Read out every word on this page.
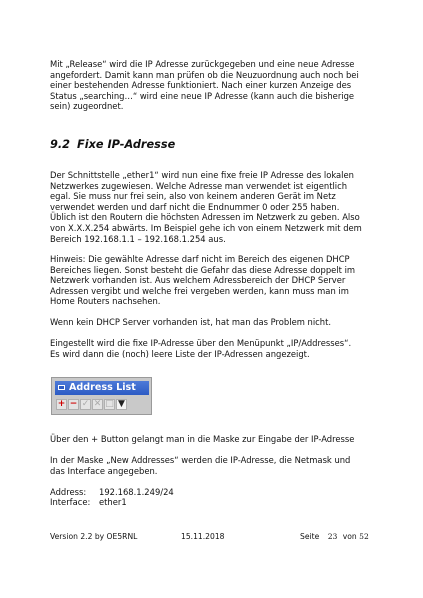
Mit „Release“ wird die IP Adresse zurückgegeben und eine neue Adresse
angefordert. Damit kann man prüfen ob die Neuzuordnung auch noch bei
einer bestehenden Adresse funktioniert. Nach einer kurzen Anzeige des
Status „searching…“ wird eine neue IP Adresse (kann auch die bisherige
sein) zugeordnet.
9.2 Fixe IP-Adresse
Der Schnittstelle „ether1“ wird nun eine fixe freie IP Adresse des lokalen
Netzwerkes zugewiesen. Welche Adresse man verwendet ist eigentlich
egal. Sie muss nur frei sein, also von keinem anderen Gerät im Netz
verwendet werden und darf nicht die Endnummer 0 oder 255 haben.
Üblich ist den Routern die höchsten Adressen im Netzwerk zu geben. Also
von X.X.X.254 abwärts. Im Beispiel gehe ich von einem Netzwerk mit dem
Bereich 192.168.1.1 – 192.168.1.254 aus.
Hinweis: Die gewählte Adresse darf nicht im Bereich des eigenen DHCP
Bereiches liegen. Sonst besteht die Gefahr das diese Adresse doppelt im
Netzwerk vorhanden ist. Aus welchem Adressbereich der DHCP Server
Adressen vergibt und welche frei vergeben werden, kann muss man im
Home Routers nachsehen.
Wenn kein DHCP Server vorhanden ist, hat man das Problem nicht.
Eingestellt wird die fixe IP-Adresse über den Menüpunkt „IP/Addresses“.
Es wird dann die (noch) leere Liste der IP-Adressen angezeigt.
Address List
+ − ✓ ✕ □ ▼
Über den + Button gelangt man in die Maske zur Eingabe der IP-Adresse
In der Maske „New Addresses“ werden die IP-Adresse, die Netmask und
das Interface angegeben.
Address: 192.168.1.249/24
Interface: ether1
Version 2.2 by OE5RNL	15.11.2018	Seite 23 von 52
